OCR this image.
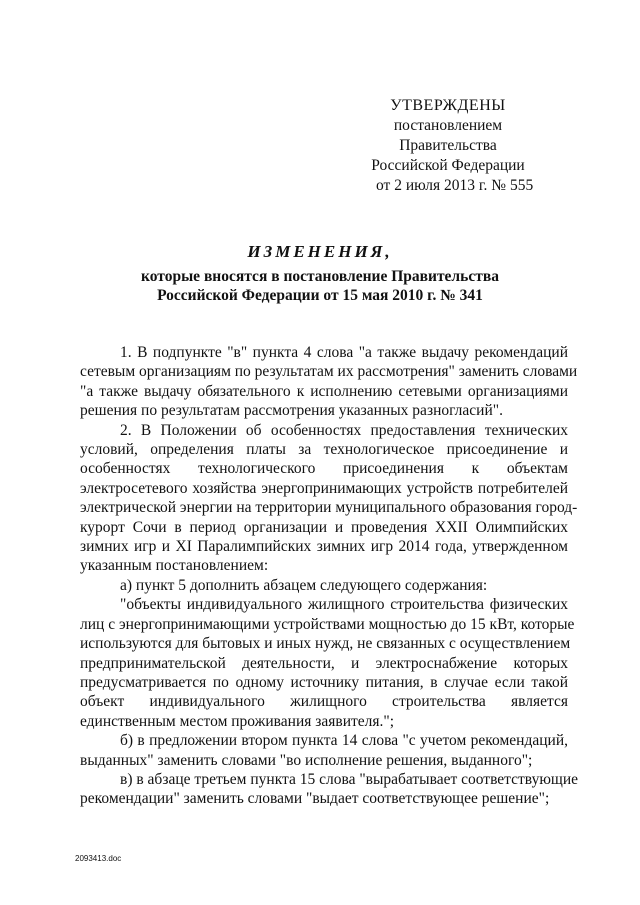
УТВЕРЖДЕНЫ
постановлением Правительства
Российской Федерации
от 2 июля 2013 г. № 555
ИЗМЕНЕНИЯ,
которые вносятся в постановление Правительства
Российской Федерации от 15 мая 2010 г. № 341

1. В подпункте "в" пункта 4 слова "а также выдачу рекомендаций
сетевым организациям по результатам их рассмотрения" заменить словами
"а также выдачу обязательного к исполнению сетевыми организациями
решения по результатам рассмотрения указанных разногласий".

2. В Положении об особенностях предоставления технических
условий, определения платы за технологическое присоединение и
особенностях технологического присоединения к объектам
электросетевого хозяйства энергопринимающих устройств потребителей
электрической энергии на территории муниципального образования город-
курорт Сочи в период организации и проведения XXII Олимпийских
зимних игр и XI Паралимпийских зимних игр 2014 года, утвержденном
указанным постановлением:

а) пункт 5 дополнить абзацем следующего содержания:

"объекты индивидуального жилищного строительства физических
лиц с энергопринимающими устройствами мощностью до 15 кВт, которые
используются для бытовых и иных нужд, не связанных с осуществлением
предпринимательской деятельности, и электроснабжение которых
предусматривается по одному источнику питания, в случае если такой
объект индивидуального жилищного строительства является
единственным местом проживания заявителя.";

б) в предложении втором пункта 14 слова "с учетом рекомендаций,
выданных" заменить словами "во исполнение решения, выданного";

в) в абзаце третьем пункта 15 слова "вырабатывает соответствующие
рекомендации" заменить словами "выдает соответствующее решение";

2093413.doc
